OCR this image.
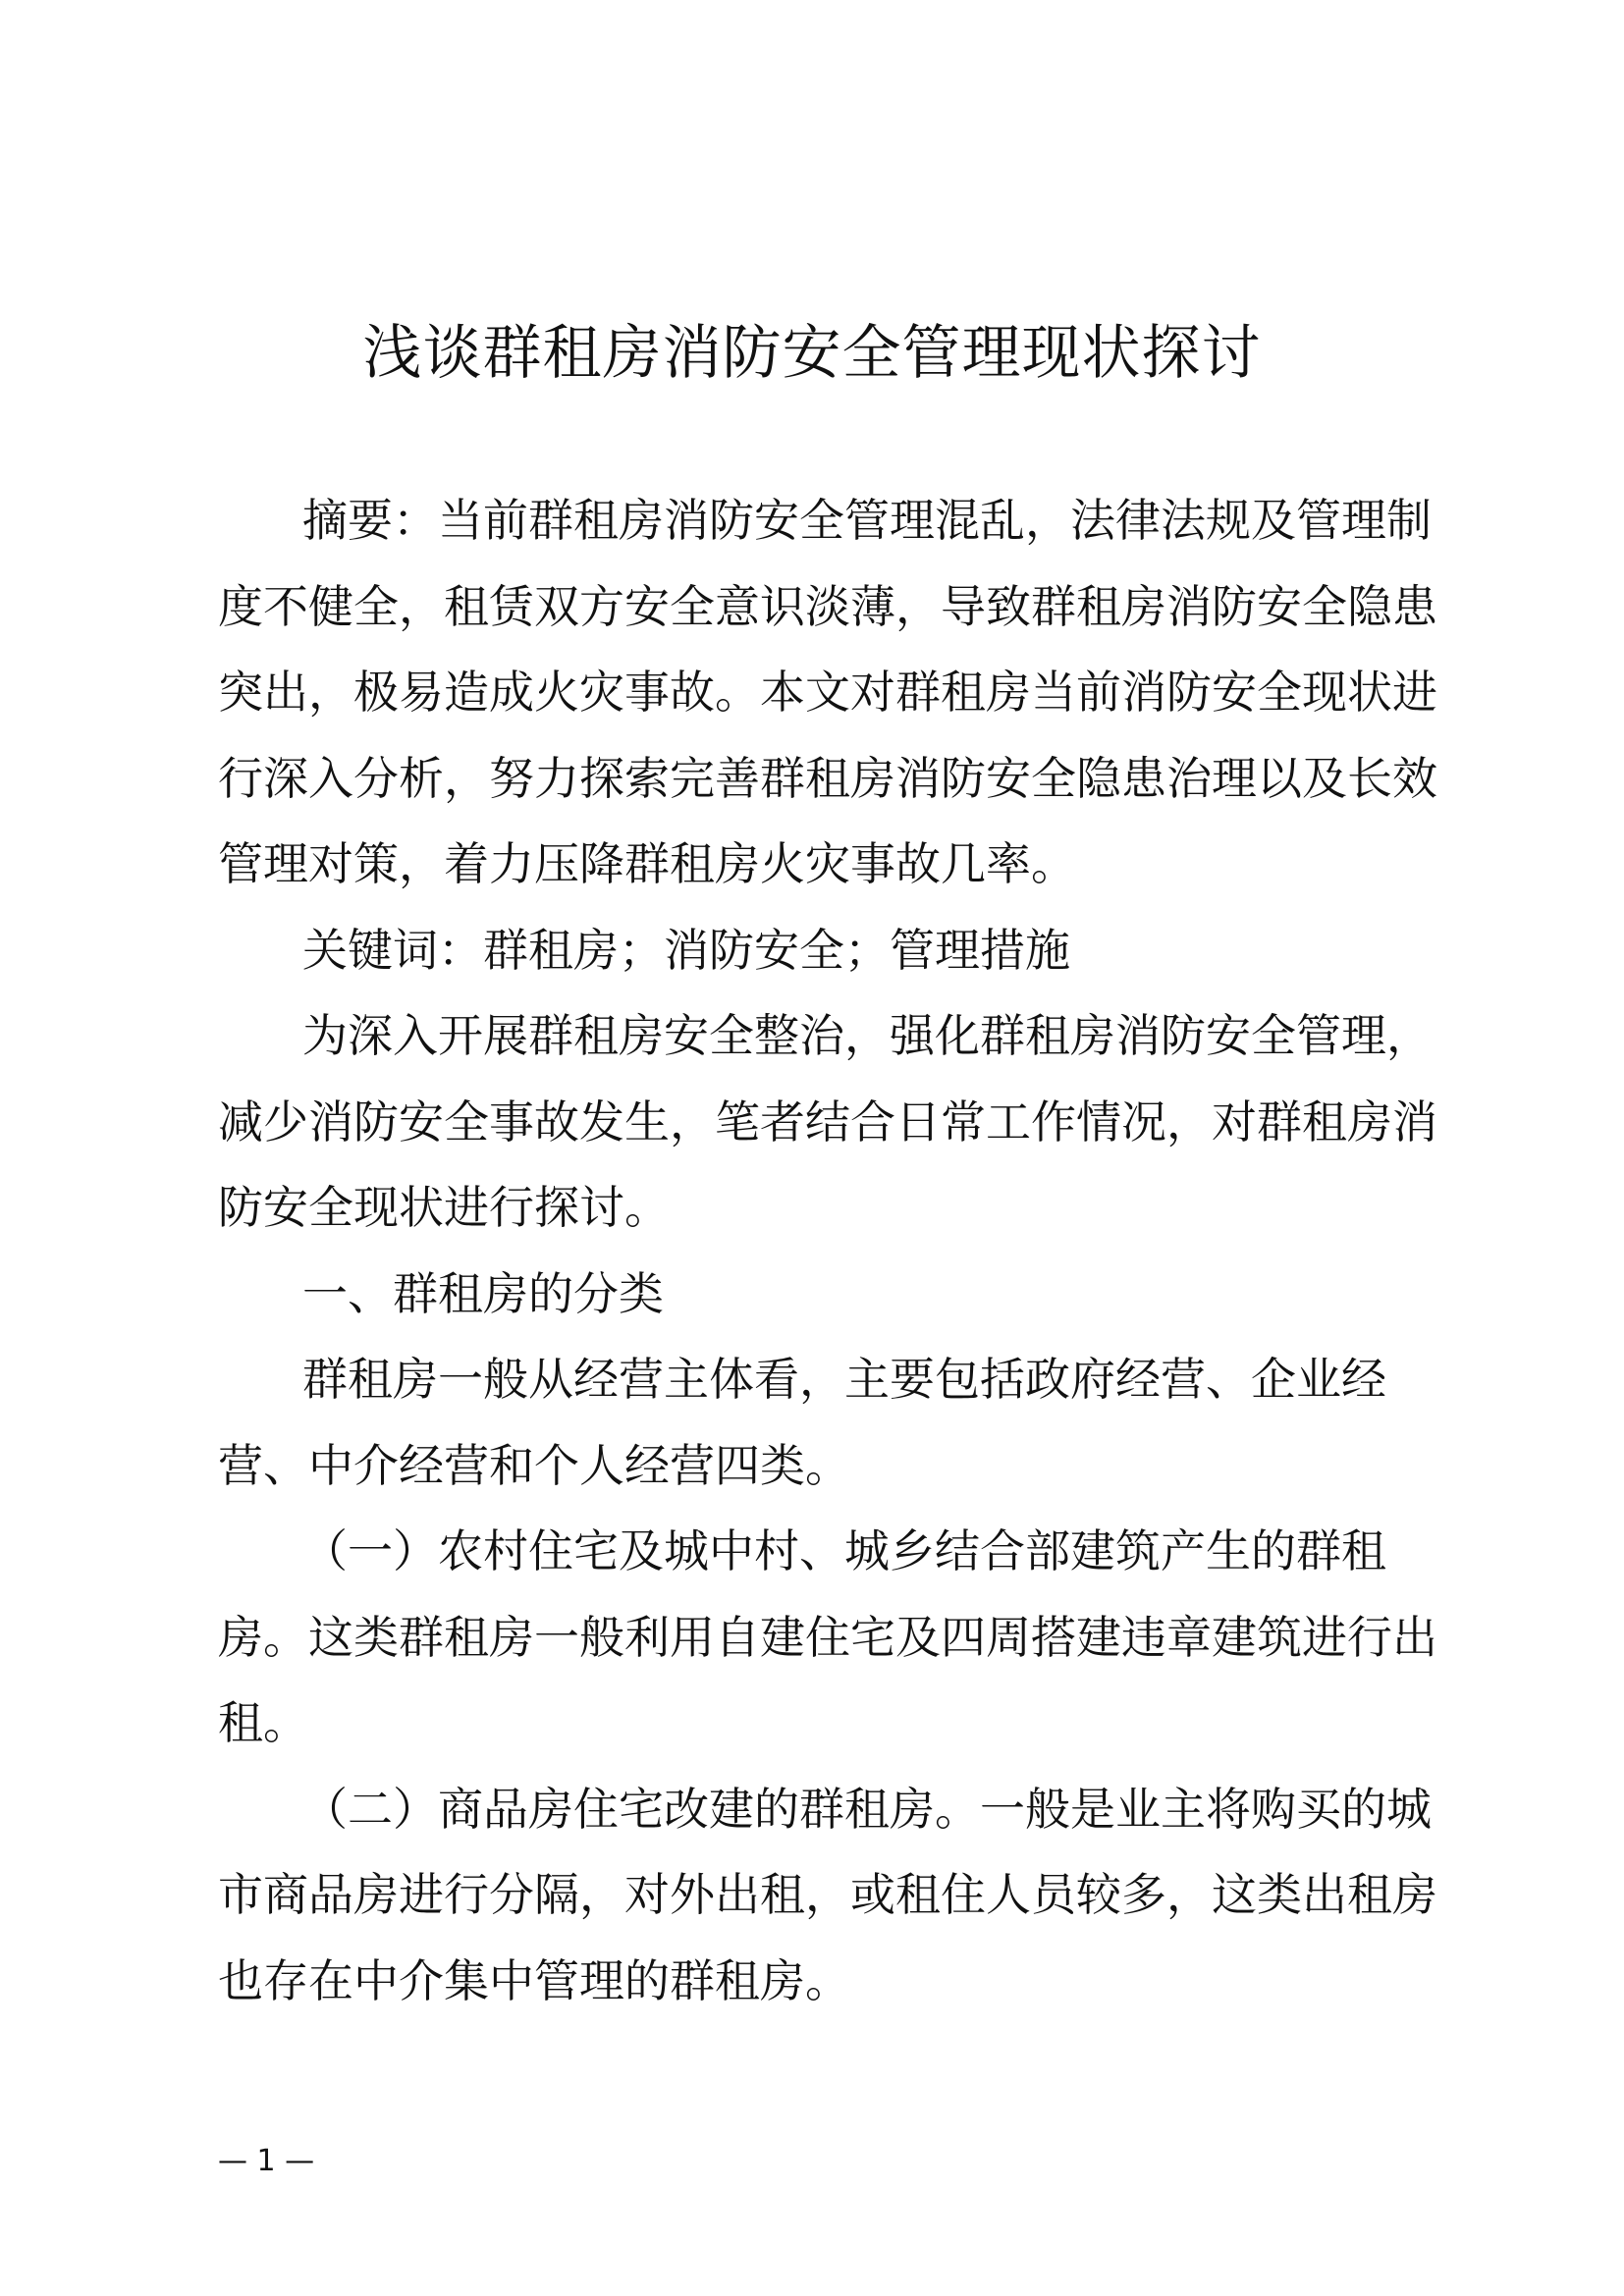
浅谈群租房消防安全管理现状探讨
摘要：当前群租房消防安全管理混乱，法律法规及管理制
度不健全，租赁双方安全意识淡薄，导致群租房消防安全隐患
突出，极易造成火灾事故。本文对群租房当前消防安全现状进
行深入分析，努力探索完善群租房消防安全隐患治理以及长效
管理对策，着力压降群租房火灾事故几率。
关键词：群租房；消防安全；管理措施
为深入开展群租房安全整治，强化群租房消防安全管理，
减少消防安全事故发生，笔者结合日常工作情况，对群租房消
防安全现状进行探讨。
一、群租房的分类
群租房一般从经营主体看，主要包括政府经营、企业经
营、中介经营和个人经营四类。
（一）农村住宅及城中村、城乡结合部建筑产生的群租
房。这类群租房一般利用自建住宅及四周搭建违章建筑进行出
租。
（二）商品房住宅改建的群租房。一般是业主将购买的城
市商品房进行分隔，对外出租，或租住人员较多，这类出租房
也存在中介集中管理的群租房。
— 1 —
